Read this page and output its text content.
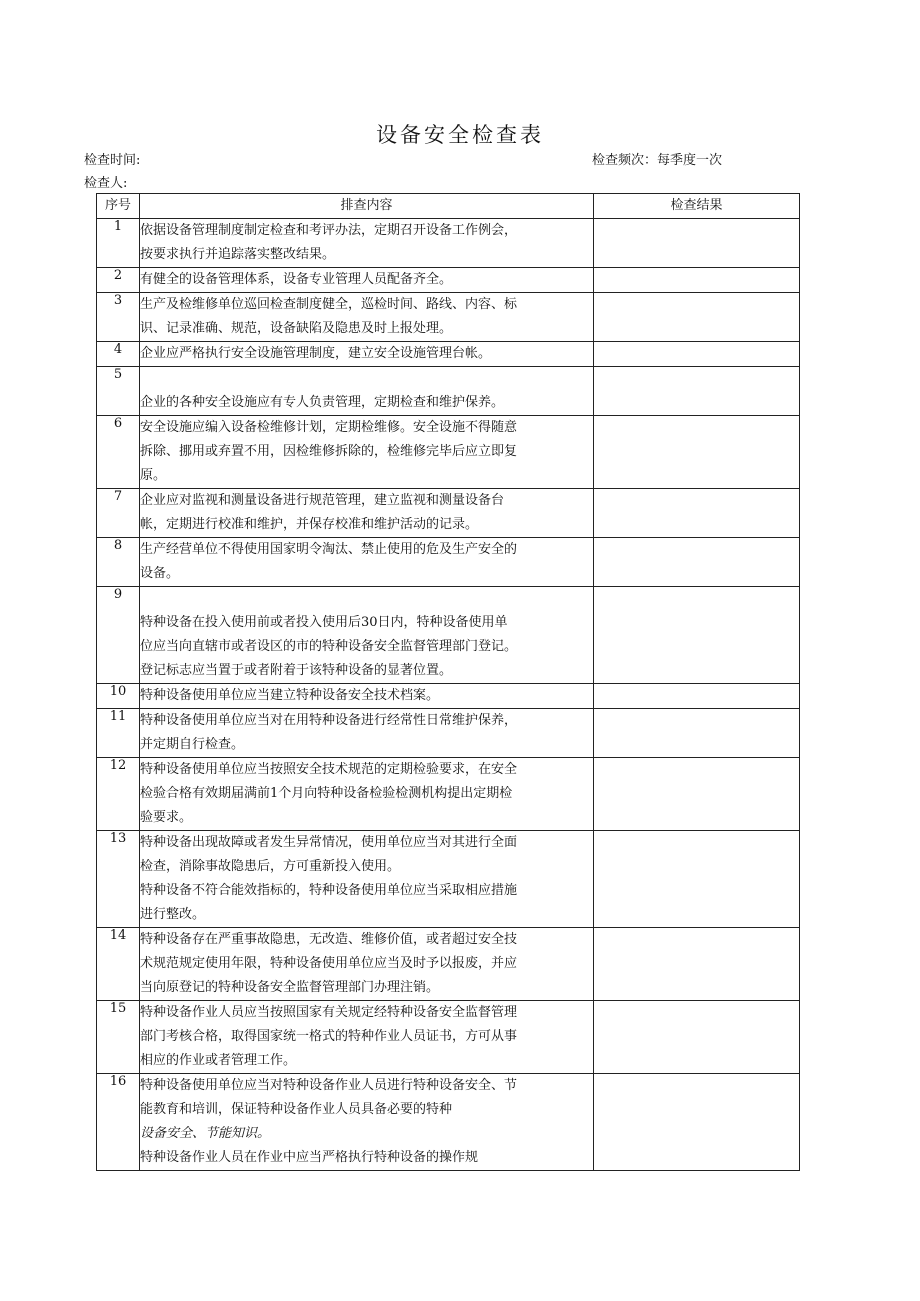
设备安全检查表
检查时间:	检查频次：每季度一次
检查人:
序号	排查内容	检查结果
1	依据设备管理制度制定检查和考评办法，定期召开设备工作例会，
按要求执行并追踪落实整改结果。	

2	有健全的设备管理体系，设备专业管理人员配备齐全。	

3	生产及检维修单位巡回检查制度健全，巡检时间、路线、内容、标
识、记录准确、规范，设备缺陷及隐患及时上报处理。	

4	企业应严格执行安全设施管理制度，建立安全设施管理台帐。	

5	企业的各种安全设施应有专人负责管理，定期检查和维护保养。	

6	安全设施应编入设备检维修计划，定期检维修。安全设施不得随意
拆除、挪用或弃置不用，因检维修拆除的，检维修完毕后应立即复
原。	

7	企业应对监视和测量设备进行规范管理，建立监视和测量设备台
帐，定期进行校准和维护，并保存校准和维护活动的记录。	

8	生产经营单位不得使用国家明令淘汰、禁止使用的危及生产安全的
设备。	

9	特种设备在投入使用前或者投入使用后30日内，特种设备使用单
位应当向直辖市或者设区的市的特种设备安全监督管理部门登记。
登记标志应当置于或者附着于该特种设备的显著位置。	

10	特种设备使用单位应当建立特种设备安全技术档案。	

11	特种设备使用单位应当对在用特种设备进行经常性日常维护保养，
并定期自行检查。	

12	特种设备使用单位应当按照安全技术规范的定期检验要求，在安全
检验合格有效期届满前1个月向特种设备检验检测机构提出定期检
验要求。	

13	特种设备出现故障或者发生异常情况，使用单位应当对其进行全面
检查，消除事故隐患后，方可重新投入使用。
特种设备不符合能效指标的，特种设备使用单位应当采取相应措施
进行整改。	

14	特种设备存在严重事故隐患，无改造、维修价值，或者超过安全技
术规范规定使用年限，特种设备使用单位应当及时予以报废，并应
当向原登记的特种设备安全监督管理部门办理注销。	

15	特种设备作业人员应当按照国家有关规定经特种设备安全监督管理
部门考核合格，取得国家统一格式的特种作业人员证书，方可从事
相应的作业或者管理工作。	

16	特种设备使用单位应当对特种设备作业人员进行特种设备安全、节
能教育和培训，保证特种设备作业人员具备必要的特种
设备安全、节能知识。
特种设备作业人员在作业中应当严格执行特种设备的操作规	
